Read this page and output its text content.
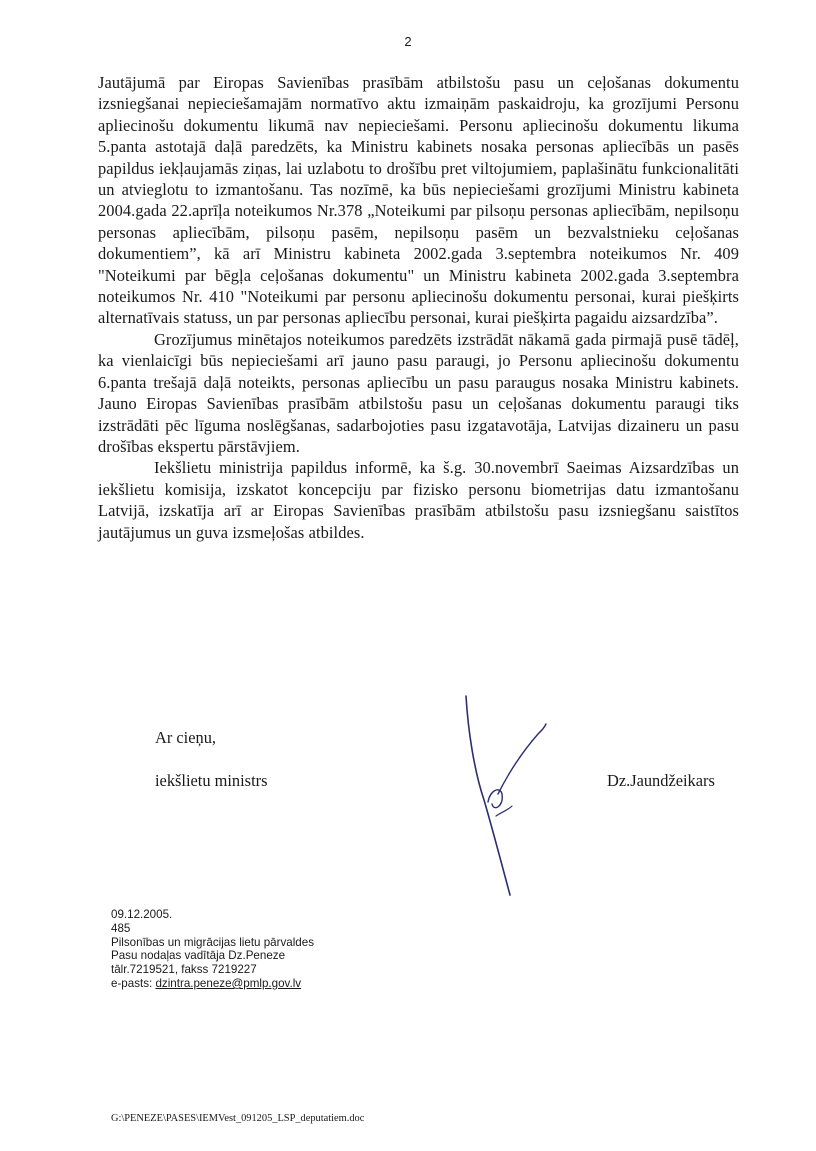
2

Jautājumā par Eiropas Savienības prasībām atbilstošu pasu un ceļošanas dokumentu izsniegšanai nepieciešamajām normatīvo aktu izmaiņām paskaidroju, ka grozījumi Personu apliecinošu dokumentu likumā nav nepieciešami. Personu apliecinošu dokumentu likuma 5.panta astotajā daļā paredzēts, ka Ministru kabinets nosaka personas apliecībās un pasēs papildus iekļaujamās ziņas, lai uzlabotu to drošību pret viltojumiem, paplašinātu funkcionalitāti un atvieglotu to izmantošanu. Tas nozīmē, ka būs nepieciešami grozījumi Ministru kabineta 2004.gada 22.aprīļa noteikumos Nr.378 „Noteikumi par pilsoņu personas apliecībām, nepilsoņu personas apliecībām, pilsoņu pasēm, nepilsoņu pasēm un bezvalstnieku ceļošanas dokumentiem”, kā arī Ministru kabineta 2002.gada 3.septembra noteikumos Nr. 409 "Noteikumi par bēgļa ceļošanas dokumentu" un Ministru kabineta 2002.gada 3.septembra noteikumos Nr. 410 "Noteikumi par personu apliecinošu dokumentu personai, kurai piešķirts alternatīvais statuss, un par personas apliecību personai, kurai piešķirta pagaidu aizsardzība”.

Grozījumus minētajos noteikumos paredzēts izstrādāt nākamā gada pirmajā pusē tādēļ, ka vienlaicīgi būs nepieciešami arī jauno pasu paraugi, jo Personu apliecinošu dokumentu 6.panta trešajā daļā noteikts, personas apliecību un pasu paraugus nosaka Ministru kabinets. Jauno Eiropas Savienības prasībām atbilstošu pasu un ceļošanas dokumentu paraugi tiks izstrādāti pēc līguma noslēgšanas, sadarbojoties pasu izgatavotāja, Latvijas dizaineru un pasu drošības ekspertu pārstāvjiem.

Iekšlietu ministrija papildus informē, ka š.g. 30.novembrī Saeimas Aizsardzības un iekšlietu komisija, izskatot koncepciju par fizisko personu biometrijas datu izmantošanu Latvijā, izskatīja arī ar Eiropas Savienības prasībām atbilstošu pasu izsniegšanu saistītos jautājumus un guva izsmeļošas atbildes.

Ar cieņu,
iekšlietu ministrs	Dz.Jaundžeikars
09.12.2005.
485
Pilsonības un migrācijas lietu pārvaldes
Pasu nodaļas vadītāja Dz.Peneze
tālr.7219521, fakss 7219227
e-pasts: dzintra.peneze@pmlp.gov.lv
G:\PENEZE\PASES\IEMVest_091205_LSP_deputatiem.doc
